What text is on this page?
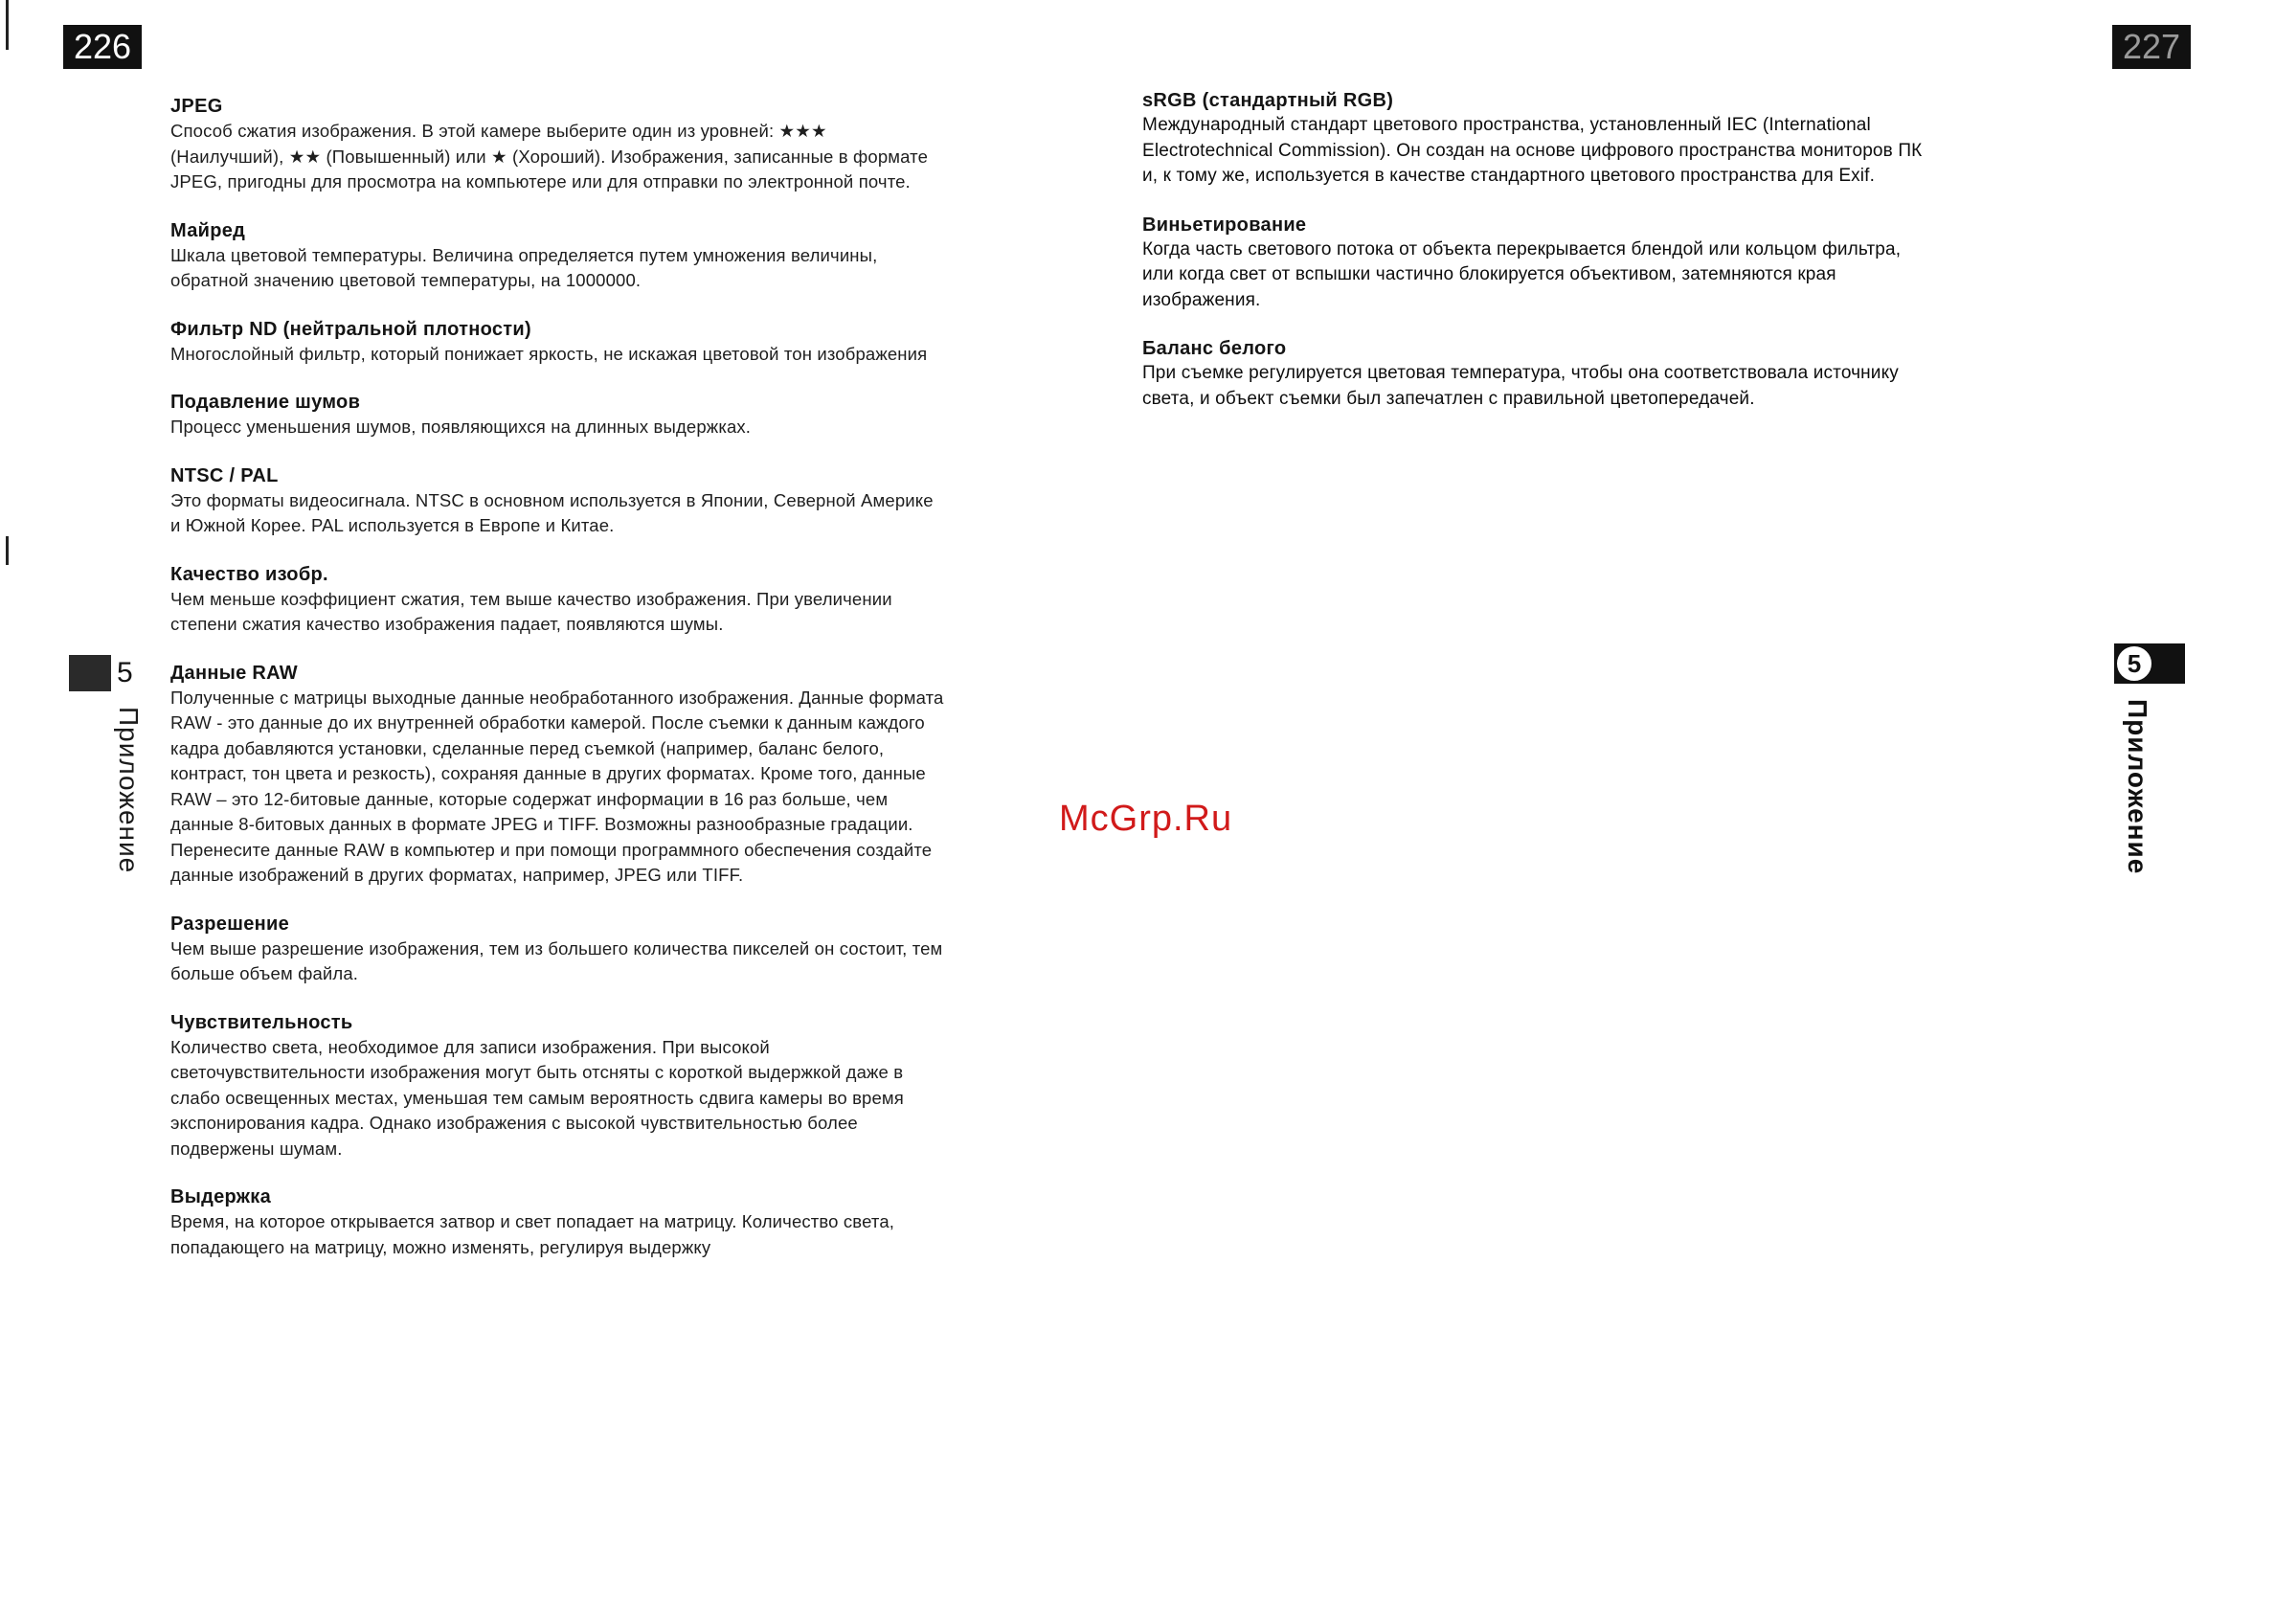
226	227
JPEG
Способ сжатия изображения. В этой камере выберите один из уровней: ★★★
(Наилучший), ★★ (Повышенный) или ★ (Хороший). Изображения, записанные в формате
JPEG, пригодны для просмотра на компьютере или для отправки по электронной почте.
Майред
Шкала цветовой температуры. Величина определяется путем умножения величины,
обратной значению цветовой температуры, на 1000000.
Фильтр ND (нейтральной плотности)
Многослойный фильтр, который понижает яркость, не искажая цветовой тон изображения
Подавление шумов
Процесс уменьшения шумов, появляющихся на длинных выдержках.
NTSC / PAL
Это форматы видеосигнала. NTSC в основном используется в Японии, Северной Америке
и Южной Корее. PAL используется в Европе и Китае.
Качество изобр.
Чем меньше коэффициент сжатия, тем выше качество изображения. При увеличении
степени сжатия качество изображения падает, появляются шумы.
Данные RAW
Полученные с матрицы выходные данные необработанного изображения. Данные формата
RAW - это данные до их внутренней обработки камерой. После съемки к данным каждого
кадра добавляются установки, сделанные перед съемкой (например, баланс белого,
контраст, тон цвета и резкость), сохраняя данные в других форматах. Кроме того, данные
RAW – это 12-битовые данные, которые содержат информации в 16 раз больше, чем
данные 8-битовых данных в формате JPEG и TIFF. Возможны разнообразные градации.
Перенесите данные RAW в компьютер и при помощи программного обеспечения создайте
данные изображений в других форматах, например, JPEG или TIFF.
Разрешение
Чем выше разрешение изображения, тем из большего количества пикселей он состоит, тем
больше объем файла.
Чувствительность
Количество света, необходимое для записи изображения. При высокой
светочувствительности изображения могут быть отсняты с короткой выдержкой даже в
слабо освещенных местах, уменьшая тем самым вероятность сдвига камеры во время
экспонирования кадра. Однако изображения с высокой чувствительностью более
подвержены шумам.
Выдержка
Время, на которое открывается затвор и свет попадает на матрицу. Количество света,
попадающего на матрицу, можно изменять, регулируя выдержку
sRGB (стандартный RGB)
Международный стандарт цветового пространства, установленный IEC (International
Electrotechnical Commission). Он создан на основе цифрового пространства мониторов ПК
и, к тому же, используется в качестве стандартного цветового пространства для Exif.
Виньетирование
Когда часть светового потока от объекта перекрывается блендой или кольцом фильтра,
или когда свет от вспышки частично блокируется объективом, затемняются края
изображения.
Баланс белого
При съемке регулируется цветовая температура, чтобы она соответствовала источнику
света, и объект съемки был запечатлен с правильной цветопередачей.
5
Приложение
5
Приложение
McGrp.Ru
